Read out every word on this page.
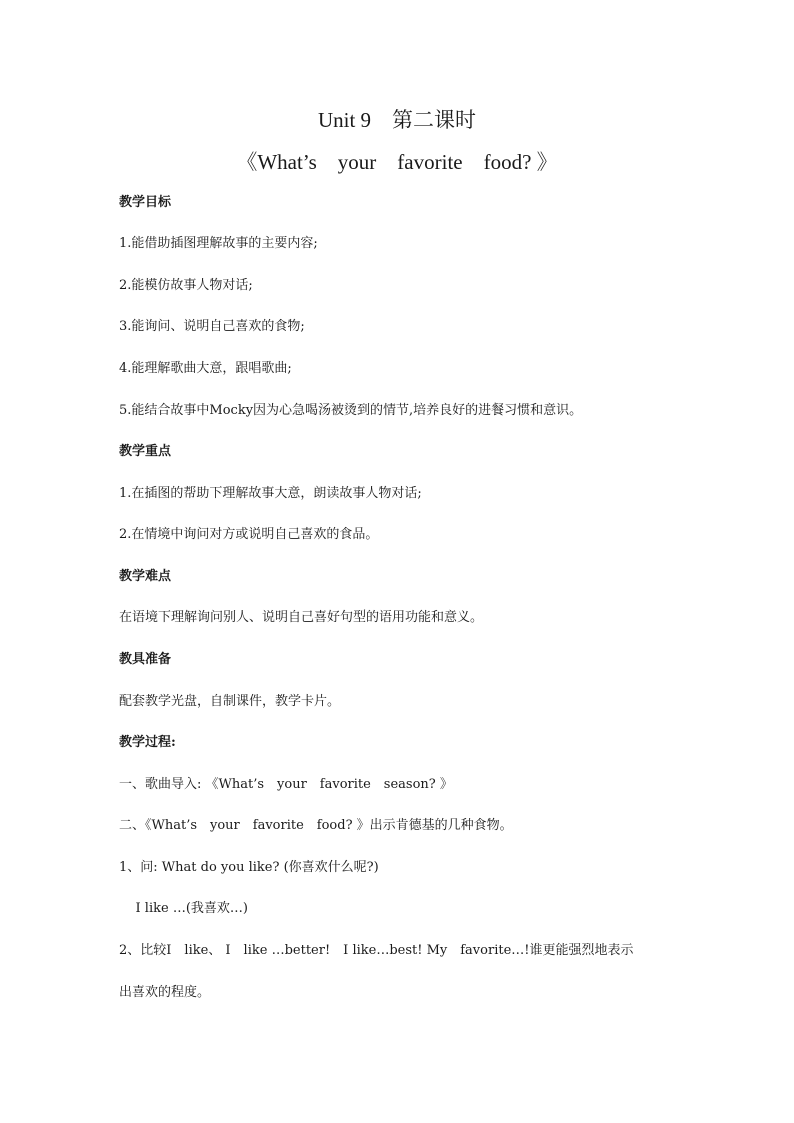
Unit 9　第二课时
《What’s　your　favorite　food? 》

教学目标

1.能借助插图理解故事的主要内容;

2.能模仿故事人物对话;

3.能询问、说明自己喜欢的食物;

4.能理解歌曲大意，跟唱歌曲;

5.能结合故事中Mocky因为心急喝汤被烫到的情节,培养良好的进餐习惯和意识。

教学重点

1.在插图的帮助下理解故事大意，朗读故事人物对话;

2.在情境中询问对方或说明自己喜欢的食品。

教学难点

在语境下理解询问别人、说明自己喜好句型的语用功能和意义。

教具准备

配套教学光盘，自制课件，教学卡片。

教学过程:

一、歌曲导入: 《What’s　your　favorite　season? 》

二、《What’s　your　favorite　food? 》出示肯德基的几种食物。

1、问: What do you like? (你喜欢什么呢?)

I like …(我喜欢…)

2、比较I　like、 I　like …better!　I like…best! My　favorite…!谁更能强烈地表示

出喜欢的程度。
